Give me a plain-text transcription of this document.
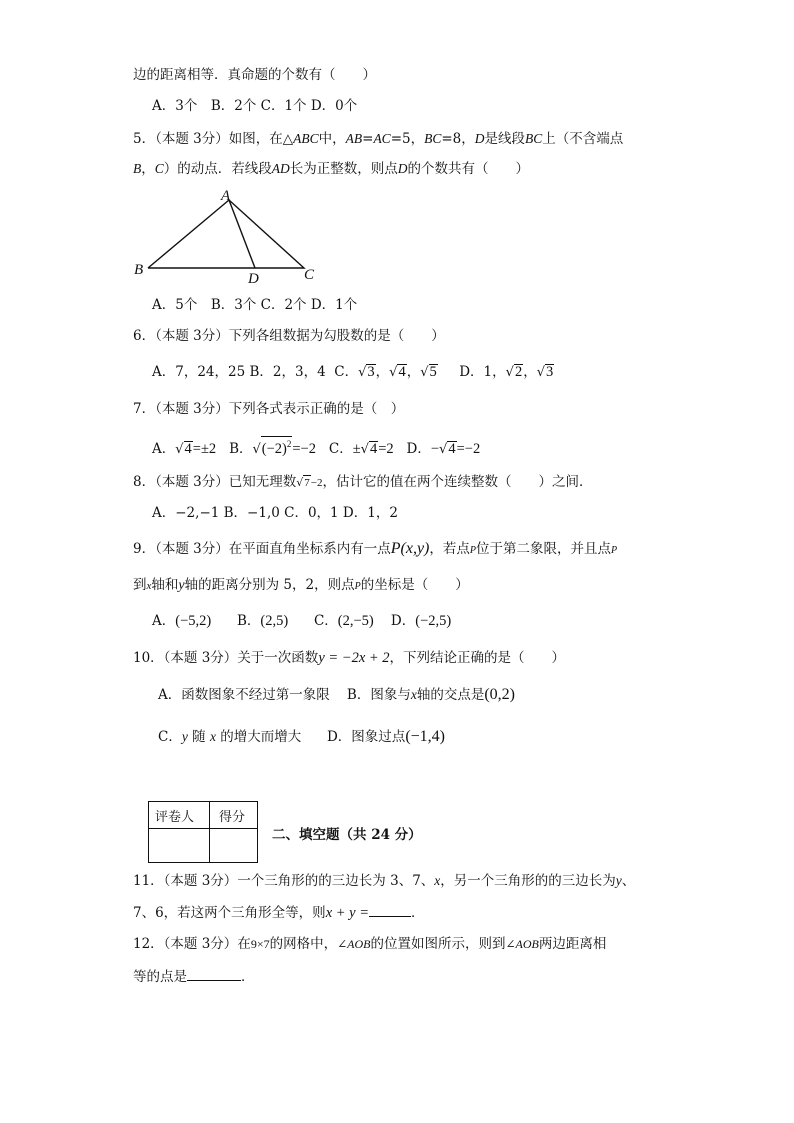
边的距离相等．真命题的个数有（　　）
A．3个　B．2个 C．1个 D．0个
5．（本题 3分）如图，在△ABC中，AB=AC=5，BC=8，D是线段BC上（不含端点
B，C）的动点．若线段AD长为正整数，则点D的个数共有（　　）
A
B	C
D
A．5个　B．3个 C．2个 D．1个
6．（本题 3分）下列各组数据为勾股数的是（　　）
A．7，24，25 B．2，3，4 C．√3，√4，√5 D．1，√2，√3
7．（本题 3分）下列各式表示正确的是（　）
A．√4=±2 B．$√(-2)^2=-2$ C．±√4=2 D．−√4=−2
8．（本题 3分）已知无理数√7−2，估计它的值在两个连续整数（　　）之间．
A．−2,−1 B．−1,0 C．0，1 D．1，2
9．（本题 3分）在平面直角坐标系内有一点P(x,y)，若点P位于第二象限，并且点P
到x轴和y轴的距离分别为 5，2，则点P的坐标是（　　）
A．(−5,2) B．(2,5) C．(2,−5) D．(−2,5)
10．（本题 3分）关于一次函数y = −2x + 2，下列结论正确的是（　　）
A．函数图象不经过第一象限 B．图象与x轴的交点是(0,2)
C．y 随 x 的增大而增大 D．图象过点(−1,4)
评卷人 得分
二、填空题（共 24 分）
11．（本题 3分）一个三角形的的三边长为 3、7、x，另一个三角形的的三边长为y、
7、6，若这两个三角形全等，则x + y =	．
12．（本题 3分）在9×7的网格中，∠AOB的位置如图所示，则到∠AOB两边距离相
等的点是	．
